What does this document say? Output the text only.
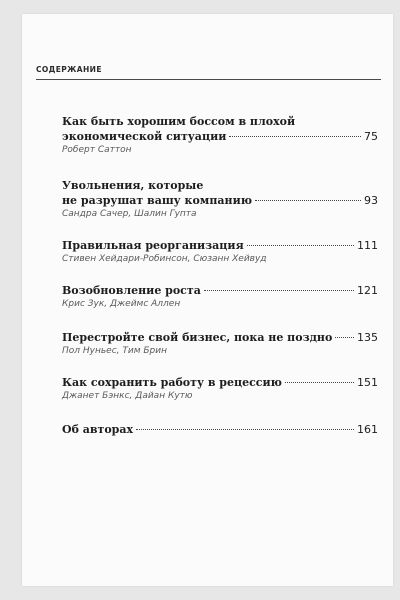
СОДЕРЖАНИЕ
Как быть хорошим боссом в плохой
экономической ситуации	75
Роберт Саттон
Увольнения, которые
не разрушат вашу компанию	93
Сандра Сачер, Шалин Гупта
Правильная реорганизация	111
Стивен Хейдари-Робинсон, Сюзанн Хейвуд
Возобновление роста	121
Крис Зук, Джеймс Аллен
Перестройте свой бизнес, пока не поздно 135
Пол Нуньес, Тим Брин
Как сохранить работу в рецессию	151
Джанет Бэнкс, Дайан Кутю
Об авторах	161
